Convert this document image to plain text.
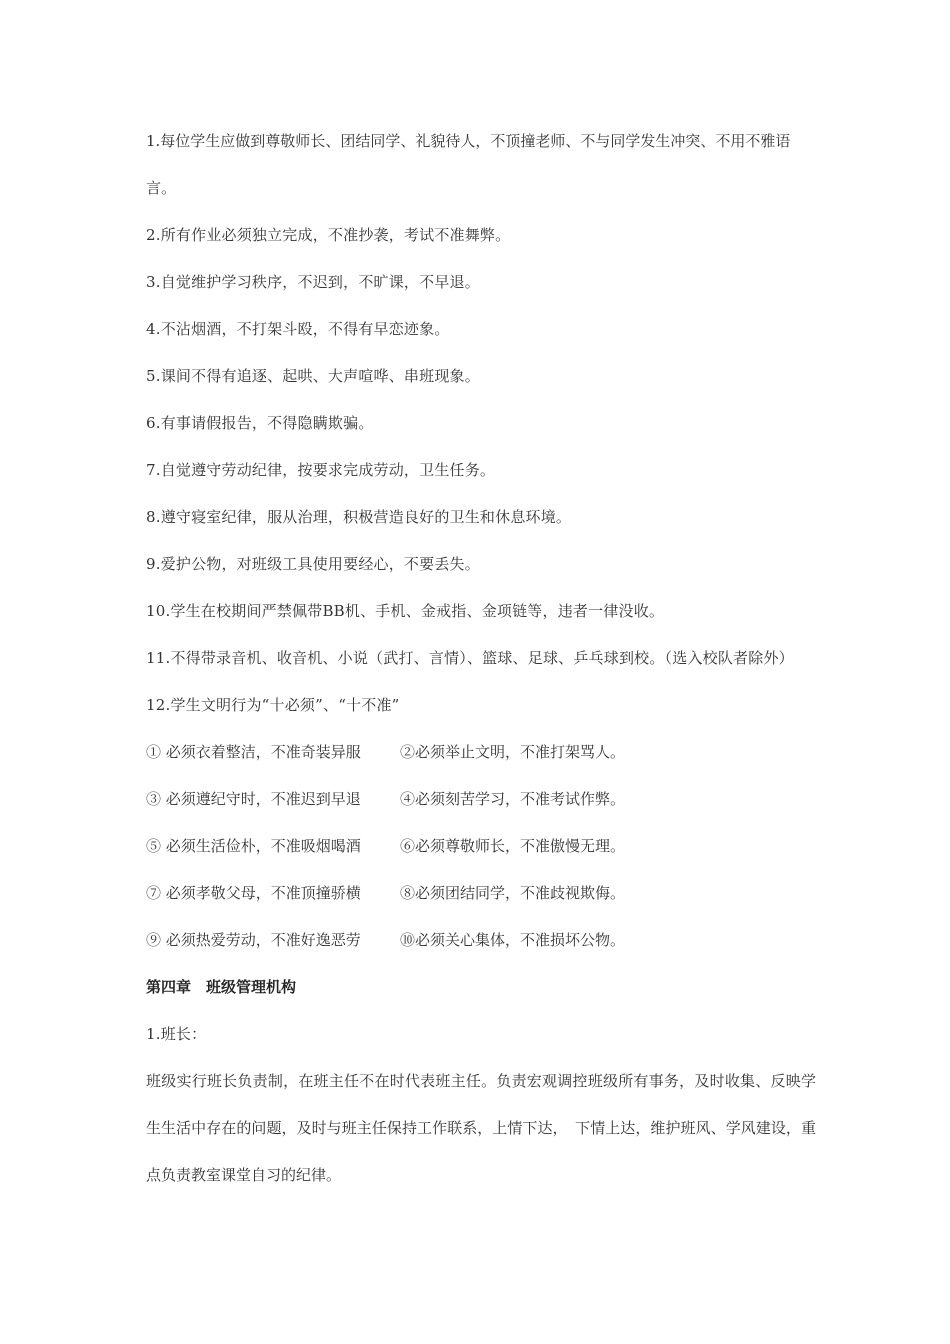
1.每位学生应做到尊敬师长、团结同学、礼貌待人，不顶撞老师、不与同学发生冲突、不用不雅语言。
2.所有作业必须独立完成，不准抄袭，考试不准舞弊。
3.自觉维护学习秩序，不迟到，不旷课，不早退。
4.不沾烟酒，不打架斗殴，不得有早恋迹象。
5.课间不得有追逐、起哄、大声喧哗、串班现象。
6.有事请假报告，不得隐瞒欺骗。
7.自觉遵守劳动纪律，按要求完成劳动，卫生任务。
8.遵守寝室纪律，服从治理，积极营造良好的卫生和休息环境。
9.爱护公物，对班级工具使用要经心，不要丢失。
10.学生在校期间严禁佩带BB机、手机、金戒指、金项链等，违者一律没收。
11.不得带录音机、收音机、小说（武打、言情）、篮球、足球、乒乓球到校。（选入校队者除外）
12.学生文明行为“十必须”、“十不准”
① 必须衣着整洁，不准奇装异服	②必须举止文明，不准打架骂人。
③ 必须遵纪守时，不准迟到早退	④必须刻苦学习，不准考试作弊。
⑤ 必须生活俭朴，不准吸烟喝酒	⑥必须尊敬师长，不准傲慢无理。
⑦ 必须孝敬父母，不准顶撞骄横	⑧必须团结同学，不准歧视欺侮。
⑨ 必须热爱劳动，不准好逸恶劳	⑩必须关心集体，不准损坏公物。
第四章　班级管理机构
1.班长：
班级实行班长负责制，在班主任不在时代表班主任。负责宏观调控班级所有事务，及时收集、反映学生生活中存在的问题，及时与班主任保持工作联系，上情下达，　下情上达，维护班风、学风建设，重点负责教室课堂自习的纪律。
